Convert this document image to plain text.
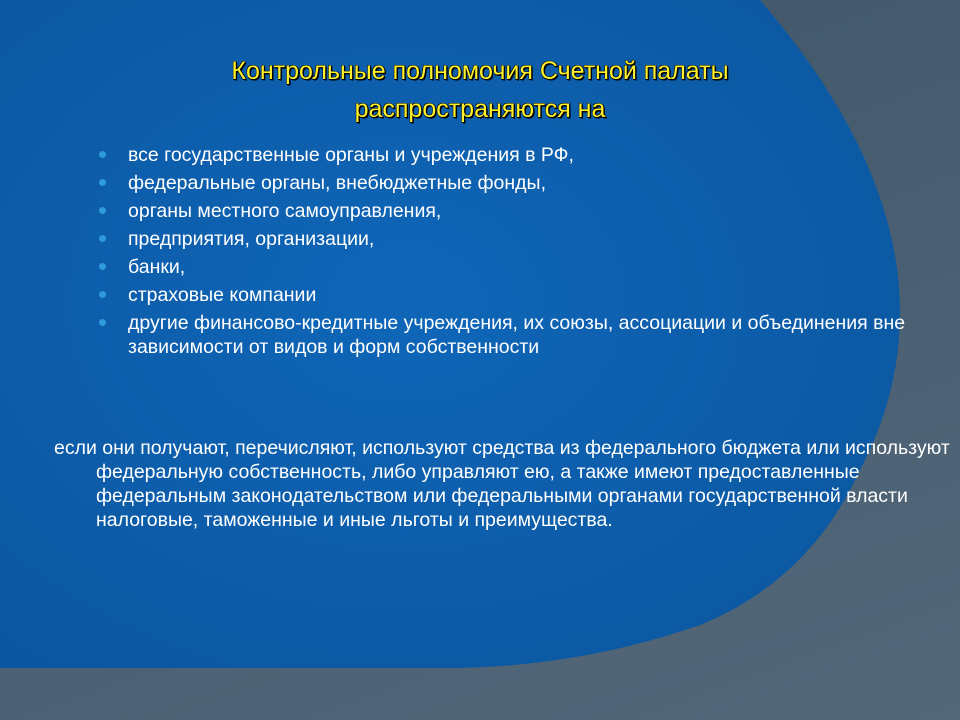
Контрольные полномочия Счетной палаты
распространяются на
все государственные органы и учреждения в РФ,
федеральные органы, внебюджетные фонды,
органы местного самоуправления,
предприятия, организации,
банки,
страховые компании
другие финансово-кредитные учреждения, их союзы, ассоциации и объединения вне зависимости от видов и форм собственности

если они получают, перечисляют, используют средства из федерального бюджета или используют федеральную собственность, либо управляют ею, а также имеют предоставленные федеральным законодательством или федеральными органами государственной власти налоговые, таможенные и иные льготы и преимущества.
